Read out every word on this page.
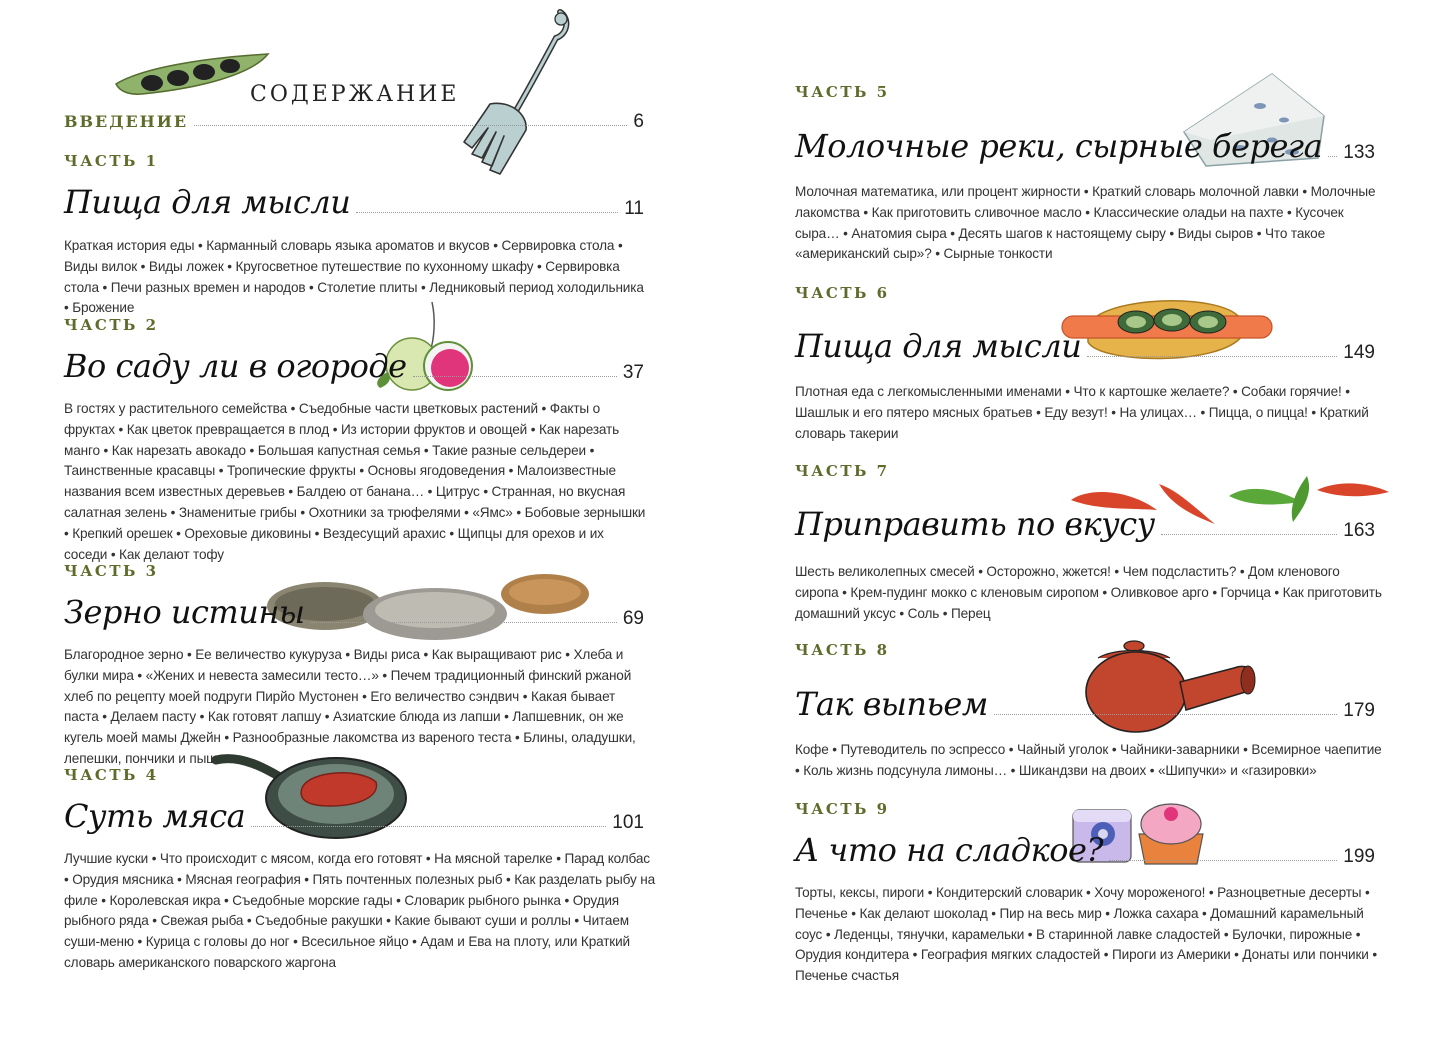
СОДЕРЖАНИЕ
ВВЕДЕНИЕ	6
ЧАСТЬ 1
Пища для мысли	11
Краткая история еды • Карманный словарь языка ароматов и вкусов • Сервировка стола • Виды вилок • Виды ложек • Кругосветное путешествие по кухонному шкафу • Сервировка стола • Печи разных времен и народов • Столетие плиты • Ледниковый период холодильника • Брожение
ЧАСТЬ 2
Во саду ли в огороде	37
В гостях у растительного семейства • Съедобные части цветковых растений • Факты о фруктах • Как цветок превращается в плод • Из истории фруктов и овощей • Как нарезать манго • Как нарезать авокадо • Большая капустная семья • Такие разные сельдереи • Таинственные красавцы • Тропические фрукты • Основы ягодоведения • Малоизвестные названия всем известных деревьев • Балдею от банана… • Цитрус • Странная, но вкусная салатная зелень • Знаменитые грибы • Охотники за трюфелями • «Ямс» • Бобовые зернышки • Крепкий орешек • Ореховые диковины • Вездесущий арахис • Щипцы для орехов и их соседи • Как делают тофу
ЧАСТЬ 3
Зерно истины	69
Благородное зерно • Ее величество кукуруза • Виды риса • Как выращивают рис • Хлеба и булки мира • «Жених и невеста замесили тесто…» • Печем традиционный финский ржаной хлеб по рецепту моей подруги Пирйо Мустонен • Его величество сэндвич • Какая бывает паста • Делаем пасту • Как готовят лапшу • Азиатские блюда из лапши • Лапшевник, он же кугель моей мамы Джейн • Разнообразные лакомства из вареного теста • Блины, оладушки, лепешки, пончики и пышки
ЧАСТЬ 4
Суть мяса	101
Лучшие куски • Что происходит с мясом, когда его готовят • На мясной тарелке • Парад колбас • Орудия мясника • Мясная география • Пять почтенных полезных рыб • Как разделать рыбу на филе • Королевская икра • Съедобные морские гады • Словарик рыбного рынка • Орудия рыбного ряда • Свежая рыба • Съедобные ракушки • Какие бывают суши и роллы • Читаем суши-меню • Курица с головы до ног • Всесильное яйцо • Адам и Ева на плоту, или Краткий словарь американского поварского жаргона
ЧАСТЬ 5
Молочные реки, сырные берега 133
Молочная математика, или процент жирности • Краткий словарь молочной лавки • Молочные лакомства • Как приготовить сливочное масло • Классические оладьи на пахте • Кусочек сыра… • Анатомия сыра • Десять шагов к настоящему сыру • Виды сыров • Что такое «американский сыр»? • Сырные тонкости
ЧАСТЬ 6
Пища для мысли	149
Плотная еда с легкомысленными именами • Что к картошке желаете? • Собаки горячие! • Шашлык и его пятеро мясных братьев • Еду везут! • На улицах… • Пицца, о пицца! • Краткий словарь такерии
ЧАСТЬ 7
Приправить по вкусу	163
Шесть великолепных смесей • Осторожно, жжется! • Чем подсластить? • Дом кленового сиропа • Крем-пудинг мокко с кленовым сиропом • Оливковое арго • Горчица • Как приготовить домашний уксус • Соль • Перец
ЧАСТЬ 8
Так выпьем	179
Кофе • Путеводитель по эспрессо • Чайный уголок • Чайники-заварники • Всемирное чаепитие • Коль жизнь подсунула лимоны… • Шикандзви на двоих • «Шипучки» и «газировки»
ЧАСТЬ 9
А что на сладкое?	199
Торты, кексы, пироги • Кондитерский словарик • Хочу мороженого! • Разноцветные десерты • Печенье • Как делают шоколад • Пир на весь мир • Ложка сахара • Домашний карамельный соус • Леденцы, тянучки, карамельки • В старинной лавке сладостей • Булочки, пирожные • Орудия кондитера • География мягких сладостей • Пироги из Америки • Донаты или пончики • Печенье счастья
